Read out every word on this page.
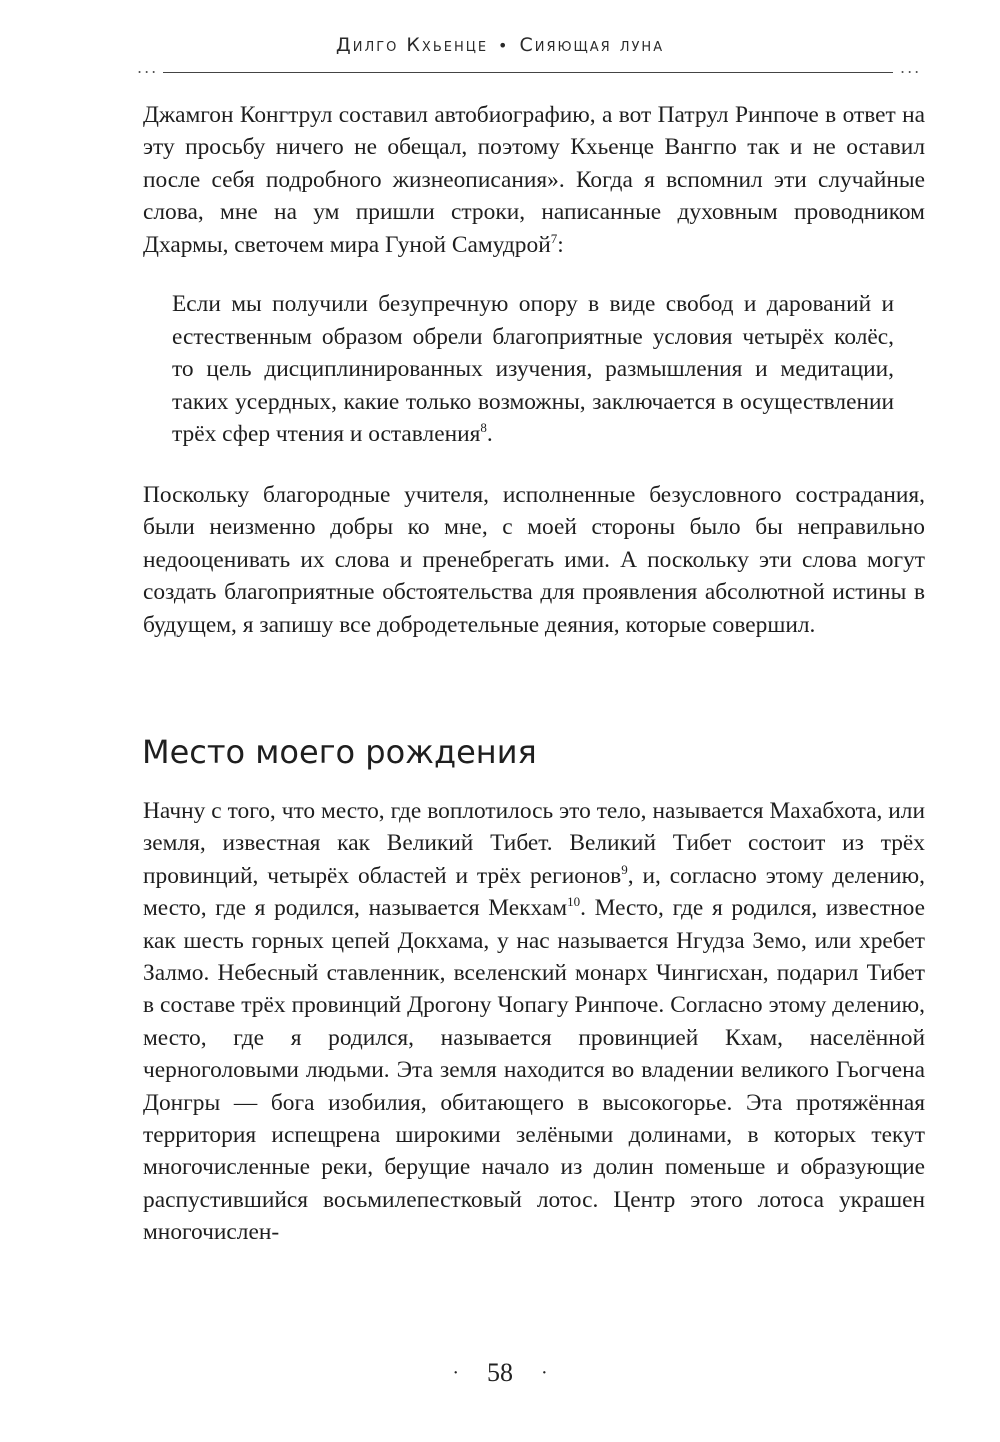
Дилго Кхьенце • Сияющая луна
...	...

Джамгон Конгтрул составил автобиографию, а вот Патрул Ринпоче в ответ на эту просьбу ничего не обещал, поэтому Кхьенце Вангпо так и не оставил после себя подробного жизнеописания». Когда я вспомнил эти случайные слова, мне на ум пришли строки, написанные духовным проводником Дхармы, светочем мира Гуной Самудрой$^7$:

Если мы получили безупречную опору в виде свобод и дарований и естественным образом обрели благоприятные условия четырёх колёс, то цель дисциплинированных изучения, размышления и медитации, таких усердных, какие только возможны, заключается в осуществлении трёх сфер чтения и оставления$^8$.

Поскольку благородные учителя, исполненные безусловного сострадания, были неизменно добры ко мне, с моей стороны было бы неправильно недооценивать их слова и пренебрегать ими. А поскольку эти слова могут создать благоприятные обстоятельства для проявления абсолютной истины в будущем, я запишу все добродетельные деяния, которые совершил.

Место моего рождения

Начну с того, что место, где воплотилось это тело, называется Махабхота, или земля, известная как Великий Тибет. Великий Тибет состоит из трёх провинций, четырёх областей и трёх регионов$^9$, и, согласно этому делению, место, где я родился, называется Мекхам$^{10}$. Место, где я родился, известное как шесть горных цепей Докхама, у нас называется Нгудза Земо, или хребет Залмо. Небесный ставленник, вселенский монарх Чингисхан, подарил Тибет в составе трёх провинций Дрогону Чопагу Ринпоче. Согласно этому делению, место, где я родился, называется провинцией Кхам, населённой черноголовыми людьми. Эта земля находится во владении великого Гьогчена Донгры — бога изобилия, обитающего в высокогорье. Эта протяжённая территория испещрена широкими зелёными долинами, в которых текут многочисленные реки, берущие начало из долин поменьше и образующие распустившийся восьмилепестковый лотос. Центр этого лотоса украшен многочислен-

· 58 ·
